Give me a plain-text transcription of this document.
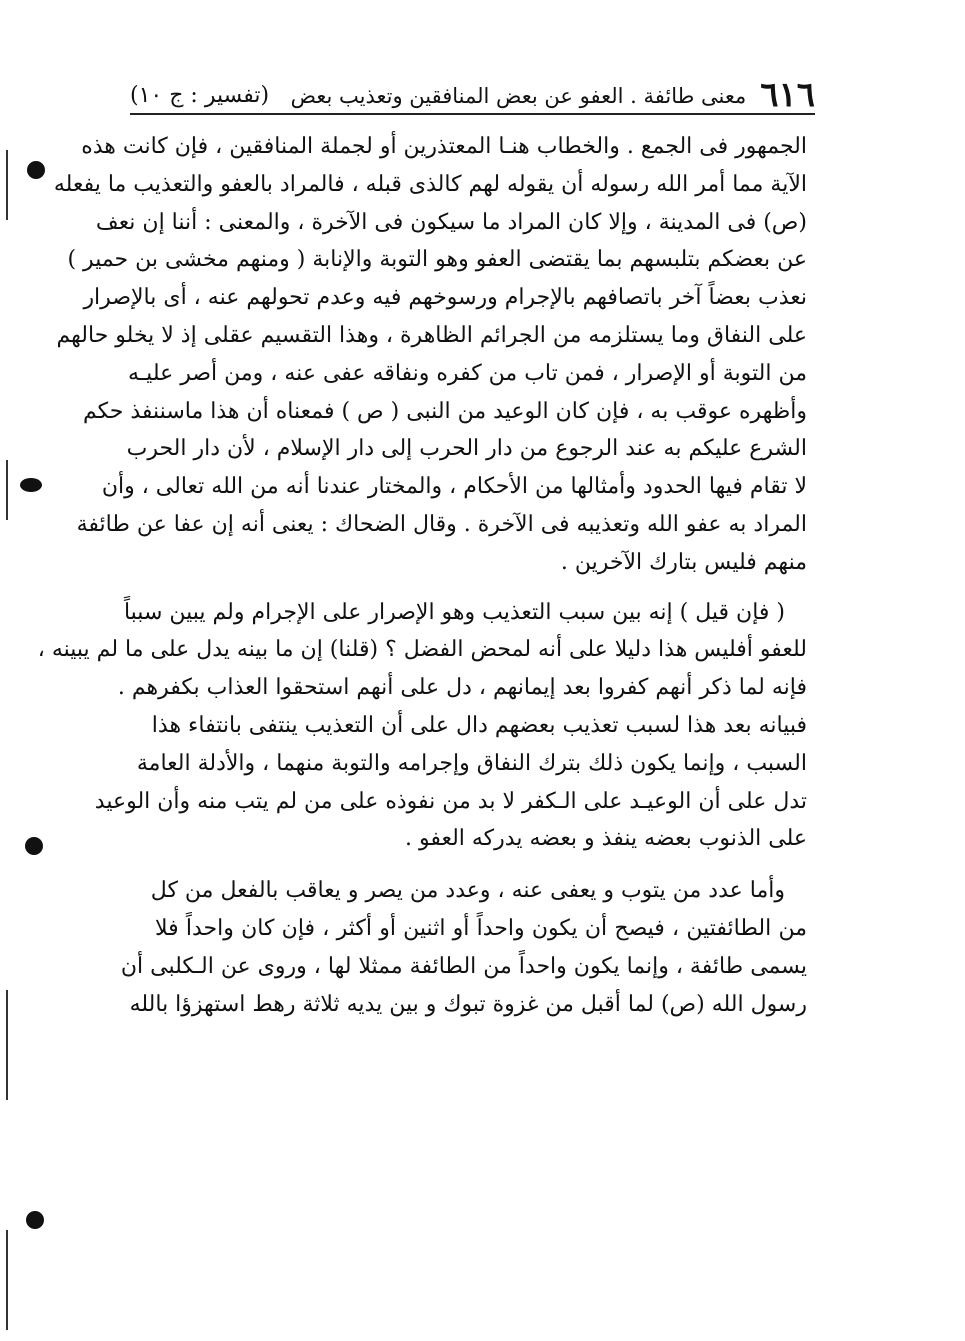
٦١٦
معنى طائفة . العفو عن بعض المنافقين وتعذيب بعض
(تفسير : ج ١٠)
الجمهور فى الجمع . والخطاب هنـا المعتذرين أو لجملة المنافقين ، فإن كانت هذه
الآية مما أمر الله رسوله أن يقوله لهم كالذى قبله ، فالمراد بالعفو والتعذيب ما يفعله
(ص) فى المدينة ، وإلا كان المراد ما سيكون فى الآخرة ، والمعنى : أننا إن نعف
عن بعضكم بتلبسهم بما يقتضى العفو وهو التوبة والإنابة ( ومنهم مخشى بن حمير )
نعذب بعضاً آخر باتصافهم بالإجرام ورسوخهم فيه وعدم تحولهم عنه ، أى بالإصرار
على النفاق وما يستلزمه من الجرائم الظاهرة ، وهذا التقسيم عقلى إذ لا يخلو حالهم
من التوبة أو الإصرار ، فمن تاب من كفره ونفاقه عفى عنه ، ومن أصر عليـه
وأظهره عوقب به ، فإن كان الوعيد من النبى ( ص ) فمعناه أن هذا ماسننفذ حكم
الشرع عليكم به عند الرجوع من دار الحرب إلى دار الإسلام ، لأن دار الحرب
لا تقام فيها الحدود وأمثالها من الأحكام ، والمختار عندنا أنه من الله تعالى ، وأن
المراد به عفو الله وتعذيبه فى الآخرة . وقال الضحاك : يعنى أنه إن عفا عن طائفة
منهم فليس بتارك الآخرين .
( فإن قيل ) إنه بين سبب التعذيب وهو الإصرار على الإجرام ولم يبين سبباً
للعفو أفليس هذا دليلا على أنه لمحض الفضل ؟ (قلنا) إن ما بينه يدل على ما لم يبينه ،
فإنه لما ذكر أنهم كفروا بعد إيمانهم ، دل على أنهم استحقوا العذاب بكفرهم .
فبيانه بعد هذا لسبب تعذيب بعضهم دال على أن التعذيب ينتفى بانتفاء هذا
السبب ، وإنما يكون ذلك بترك النفاق وإجرامه والتوبة منهما ، والأدلة العامة
تدل على أن الوعيـد على الـكفر لا بد من نفوذه على من لم يتب منه وأن الوعيد
على الذنوب بعضه ينفذ و بعضه يدركه العفو .
وأما عدد من يتوب و يعفى عنه ، وعدد من يصر و يعاقب بالفعل من كل
من الطائفتين ، فيصح أن يكون واحداً أو اثنين أو أكثر ، فإن كان واحداً فلا
يسمى طائفة ، وإنما يكون واحداً من الطائفة ممثلا لها ، وروى عن الـكلبى أن
رسول الله (ص) لما أقبل من غزوة تبوك و بين يديه ثلاثة رهط استهزؤا بالله
